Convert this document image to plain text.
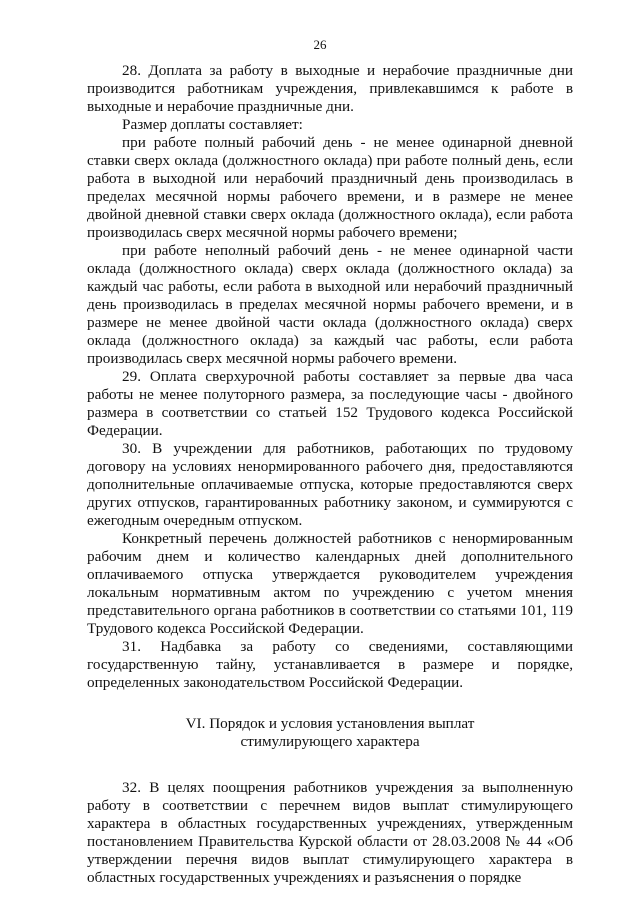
26

28. Доплата за работу в выходные и нерабочие праздничные дни производится работникам учреждения, привлекавшимся к работе в выходные и нерабочие праздничные дни.

Размер доплаты составляет:

при работе полный рабочий день - не менее одинарной дневной ставки сверх оклада (должностного оклада) при работе полный день, если работа в выходной или нерабочий праздничный день производилась в пределах месячной нормы рабочего времени, и в размере не менее двойной дневной ставки сверх оклада (должностного оклада), если работа производилась сверх месячной нормы рабочего времени;

при работе неполный рабочий день - не менее одинарной части оклада (должностного оклада) сверх оклада (должностного оклада) за каждый час работы, если работа в выходной или нерабочий праздничный день производилась в пределах месячной нормы рабочего времени, и в размере не менее двойной части оклада (должностного оклада) сверх оклада (должностного оклада) за каждый час работы, если работа производилась сверх месячной нормы рабочего времени.

29. Оплата сверхурочной работы составляет за первые два часа работы не менее полуторного размера, за последующие часы - двойного размера в соответствии со статьей 152 Трудового кодекса Российской Федерации.

30. В учреждении для работников, работающих по трудовому договору на условиях ненормированного рабочего дня, предоставляются дополнительные оплачиваемые отпуска, которые предоставляются сверх других отпусков, гарантированных работнику законом, и суммируются с ежегодным очередным отпуском.

Конкретный перечень должностей работников с ненормированным рабочим днем и количество календарных дней дополнительного оплачиваемого отпуска утверждается руководителем учреждения локальным нормативным актом по учреждению с учетом мнения представительного органа работников в соответствии со статьями 101, 119 Трудового кодекса Российской Федерации.

31. Надбавка за работу со сведениями, составляющими государственную тайну, устанавливается в размере и порядке, определенных законодательством Российской Федерации.

VI. Порядок и условия установления выплат
стимулирующего характера

32. В целях поощрения работников учреждения за выполненную работу в соответствии с перечнем видов выплат стимулирующего характера в областных государственных учреждениях, утвержденным постановлением Правительства Курской области от 28.03.2008 № 44 «Об утверждении перечня видов выплат стимулирующего характера в областных государственных учреждениях и разъяснения о порядке
